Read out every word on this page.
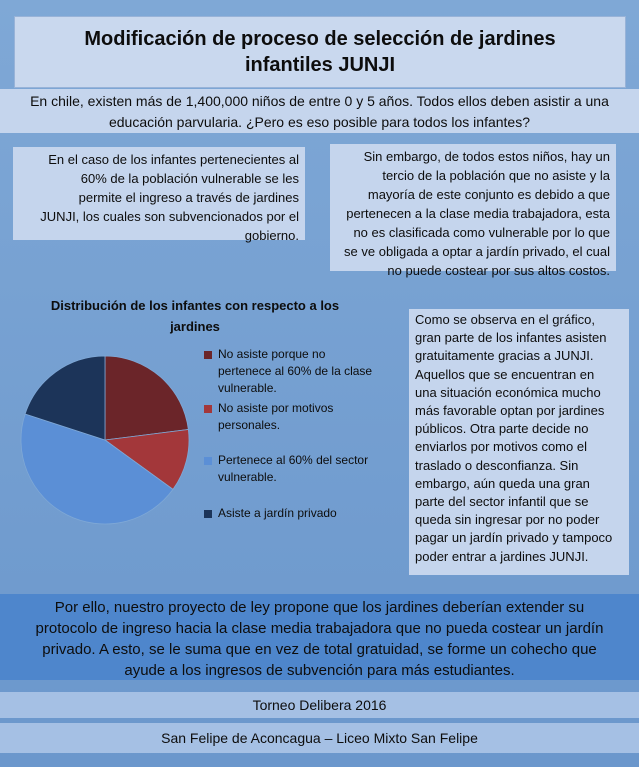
Modificación de proceso de selección de jardines
infantiles JUNJI
En chile, existen más de 1,400,000 niños de entre 0 y 5 años. Todos ellos deben asistir a una
educación parvularia. ¿Pero es eso posible para todos los infantes?
En el caso de los infantes pertenecientes al
60% de la población vulnerable se les
permite el ingreso a través de jardines
JUNJI, los cuales son subvencionados por el
gobierno.
Sin embargo, de todos estos niños, hay un
tercio de la población que no asiste y la
mayoría de este conjunto es debido a que
pertenecen a la clase media trabajadora, esta
no es clasificada como vulnerable por lo que
se ve obligada a optar a jardín privado, el cual
no puede costear por sus altos costos.
Distribución de los infantes con respecto a los
jardines
No asiste porque no
pertenece al 60% de la clase
vulnerable.
No asiste por motivos
personales.
Pertenece al 60% del sector
vulnerable.
Asiste a jardín privado
Como se observa en el gráfico,
gran parte de los infantes asisten
gratuitamente gracias a JUNJI.
Aquellos que se encuentran en
una situación económica mucho
más favorable optan por jardines
públicos. Otra parte decide no
enviarlos por motivos como el
traslado o desconfianza. Sin
embargo, aún queda una gran
parte del sector infantil que se
queda sin ingresar por no poder
pagar un jardín privado y tampoco
poder entrar a jardines JUNJI.
Por ello, nuestro proyecto de ley propone que los jardines deberían extender su
protocolo de ingreso hacia la clase media trabajadora que no pueda costear un jardín
privado. A esto, se le suma que en vez de total gratuidad, se forme un cohecho que
ayude a los ingresos de subvención para más estudiantes.
Torneo Delibera 2016
San Felipe de Aconcagua – Liceo Mixto San Felipe
